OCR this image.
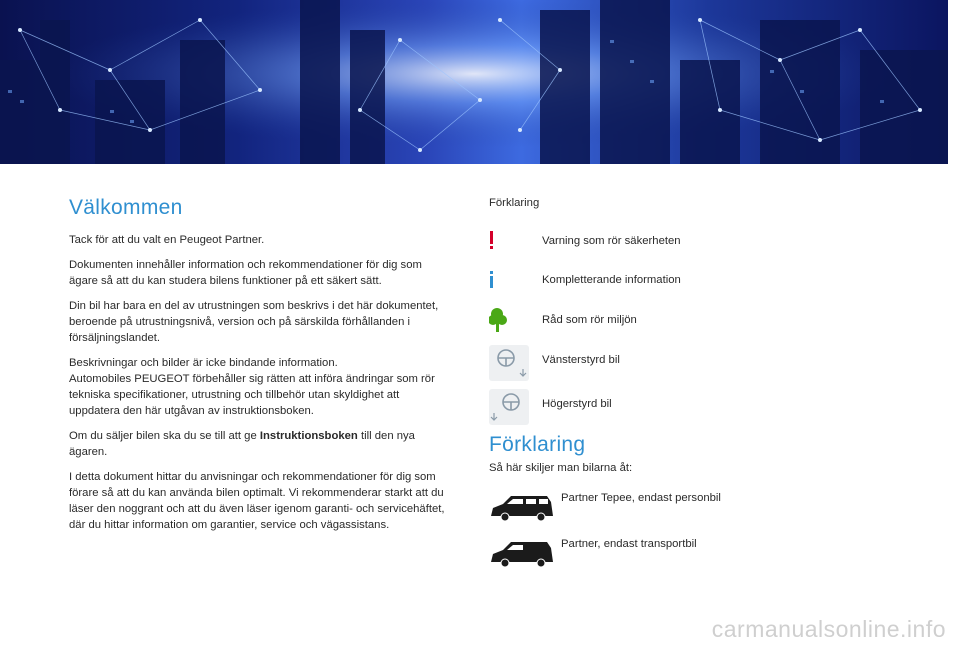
Välkommen

Tack för att du valt en Peugeot Partner.

Dokumenten innehåller information och rekommendationer för dig som ägare så att du kan studera bilens funktioner på ett säkert sätt.

Din bil har bara en del av utrustningen som beskrivs i det här dokumentet, beroende på utrustningsnivå, version och på särskilda förhållanden i försäljningslandet.

Beskrivningar och bilder är icke bindande information.
Automobiles PEUGEOT förbehåller sig rätten att införa ändringar som rör tekniska specifikationer, utrustning och tillbehör utan skyldighet att uppdatera den här utgåvan av instruktionsboken.

Om du säljer bilen ska du se till att ge Instruktionsboken till den nya ägaren.

I detta dokument hittar du anvisningar och rekommendationer för dig som förare så att du kan använda bilen optimalt. Vi rekommenderar starkt att du läser den noggrant och att du även läser igenom garanti- och servicehäftet, där du hittar information om garantier, service och vägassistans.

Förklaring
Varning som rör säkerheten
Kompletterande information
Råd som rör miljön
Vänsterstyrd bil
Högerstyrd bil
Förklaring
Så här skiljer man bilarna åt:
Partner Tepee, endast personbil
Partner, endast transportbil
carmanualsonline.info
